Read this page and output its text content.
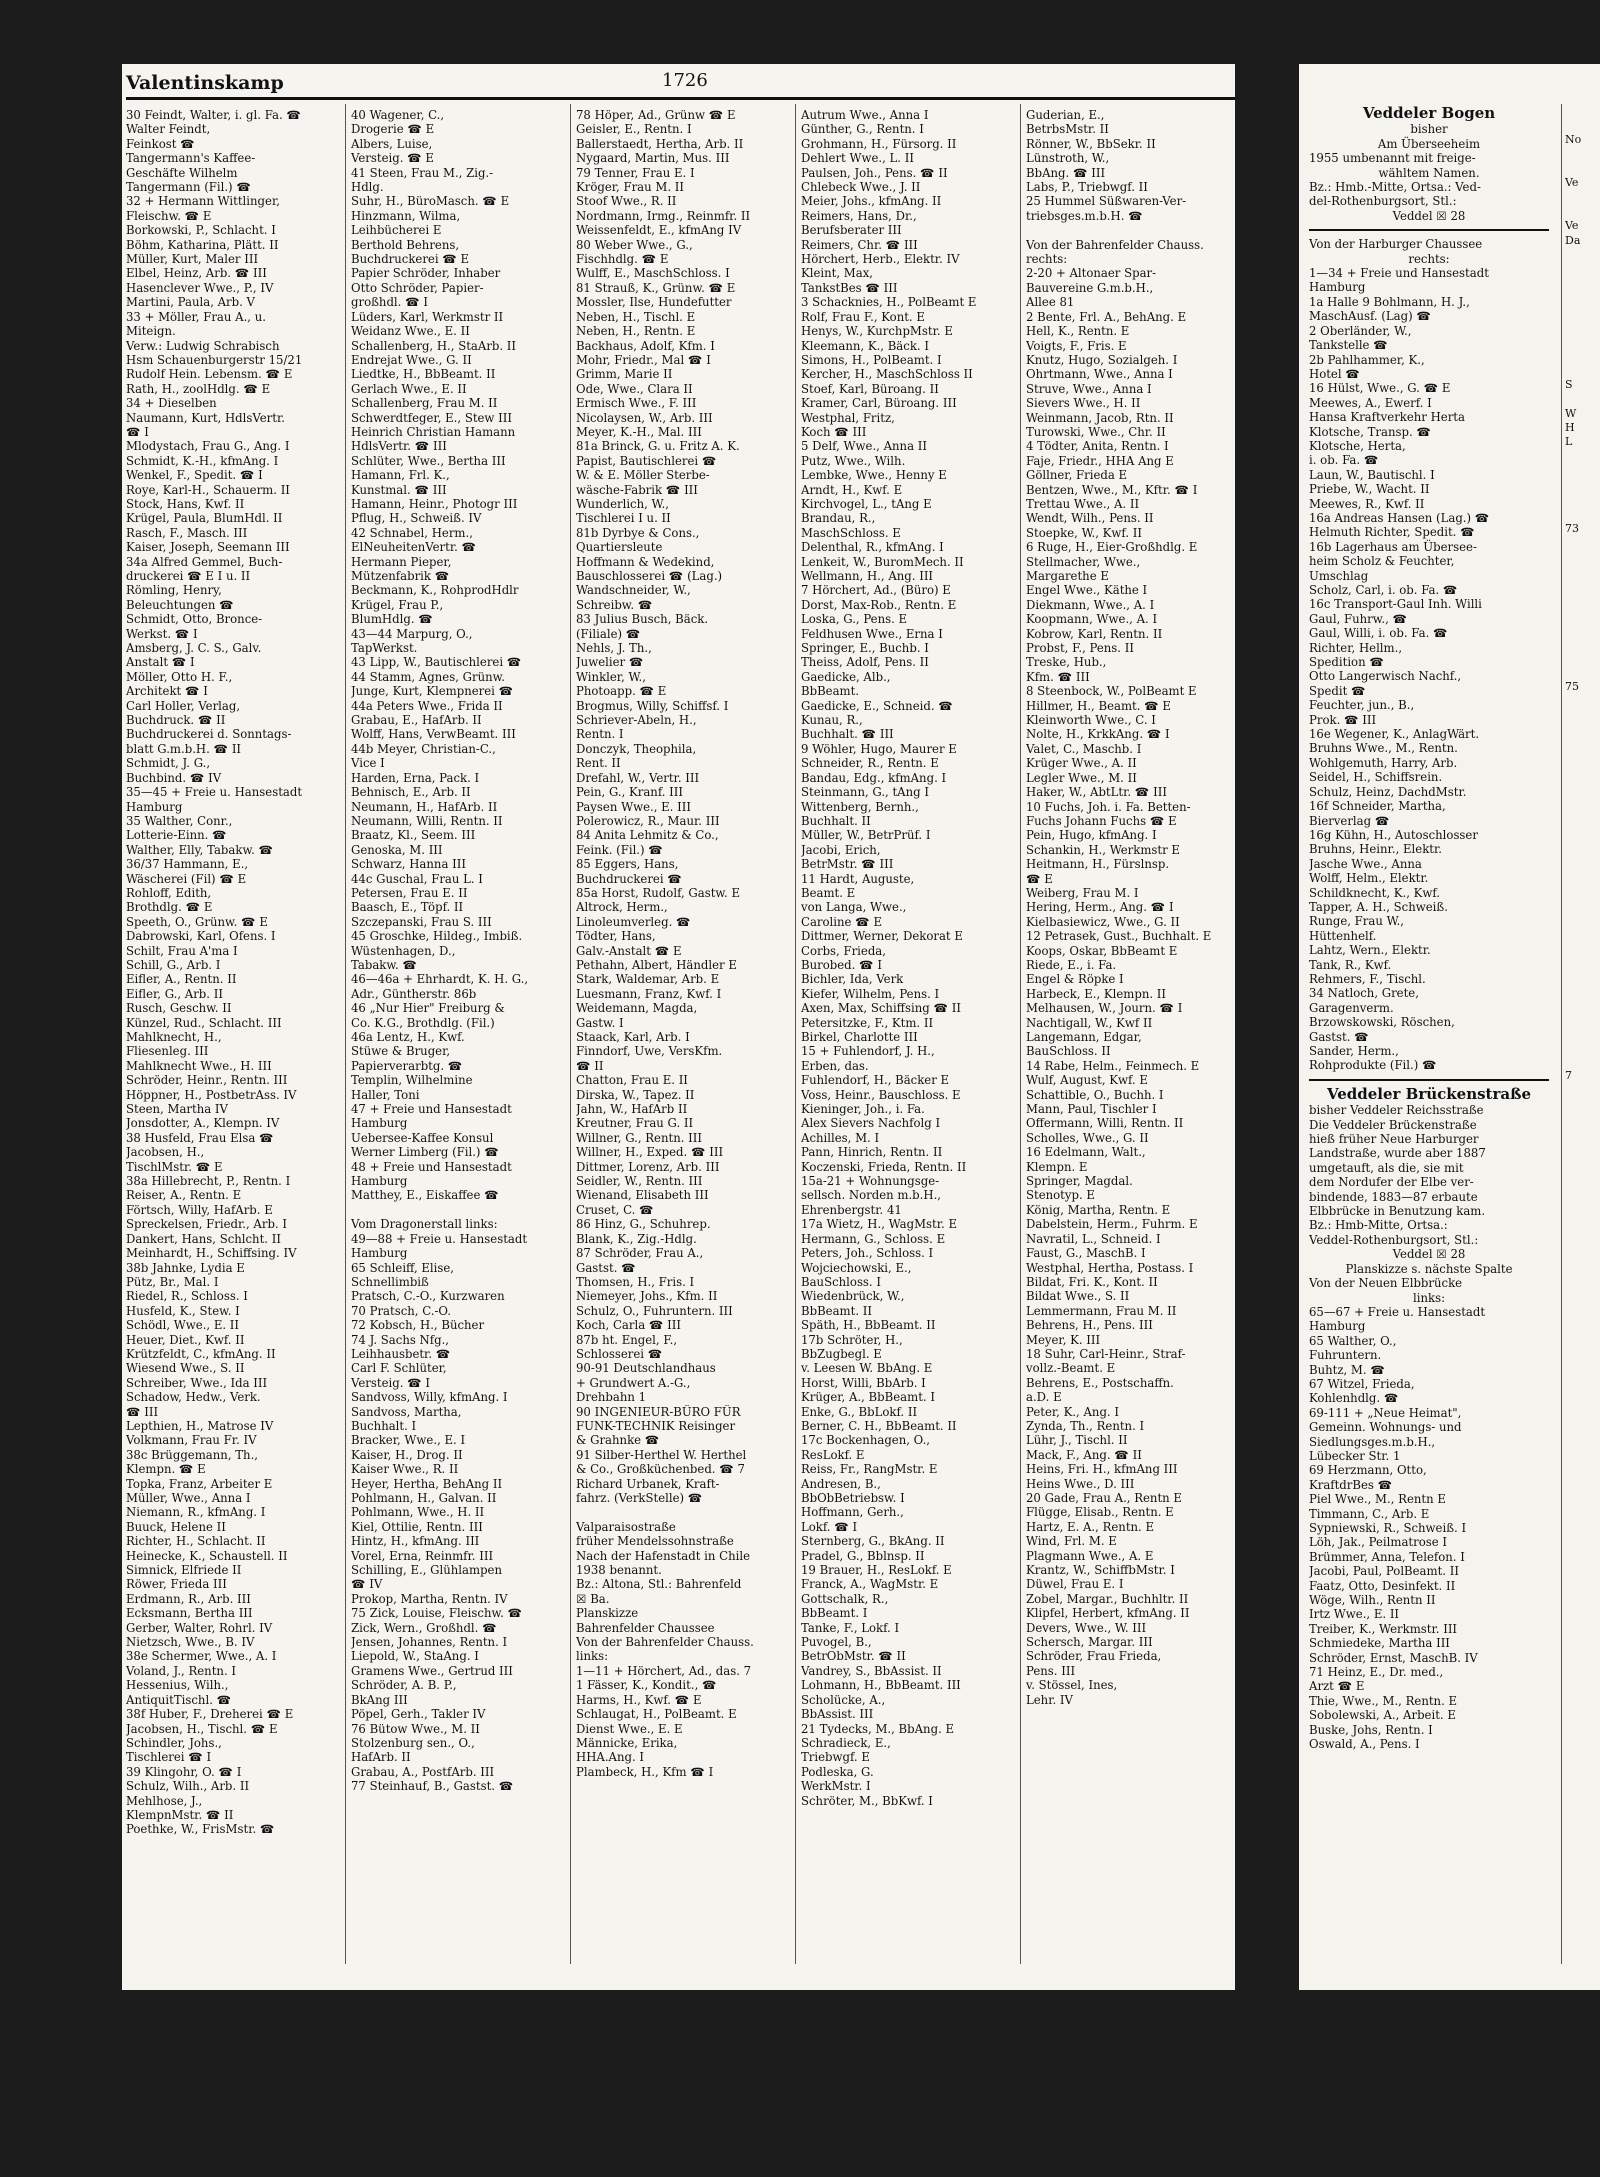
Valentinskamp	1726
30 Feindt, Walter, i. gl. Fa. ☎
Walter Feindt,
Feinkost ☎
Tangermann's Kaffee-
Geschäfte Wilhelm
Tangermann (Fil.) ☎
32 + Hermann Wittlinger,
Fleischw. ☎ E
Borkowski, P., Schlacht. I
Böhm, Katharina, Plätt. II
Müller, Kurt, Maler III
Elbel, Heinz, Arb. ☎ III
Hasenclever Wwe., P., IV
Martini, Paula, Arb. V
33 + Möller, Frau A., u.
Miteign.
Verw.: Ludwig Schrabisch
Hsm Schauenburgerstr 15/21
Rudolf Hein. Lebensm. ☎ E
Rath, H., zoolHdlg. ☎ E
34 + Dieselben
Naumann, Kurt, HdlsVertr.
☎ I
Mlodystach, Frau G., Ang. I
Schmidt, K.-H., kfmAng. I
Wenkel, F., Spedit. ☎ I
Roye, Karl-H., Schauerm. II
Stock, Hans, Kwf. II
Krügel, Paula, BlumHdl. II
Rasch, F., Masch. III
Kaiser, Joseph, Seemann III
34a Alfred Gemmel, Buch-
druckerei ☎ E I u. II
Römling, Henry,
Beleuchtungen ☎
Schmidt, Otto, Bronce-
Werkst. ☎ I
Amsberg, J. C. S., Galv.
Anstalt ☎ I
Möller, Otto H. F.,
Architekt ☎ I
Carl Holler, Verlag,
Buchdruck. ☎ II
Buchdruckerei d. Sonntags-
blatt G.m.b.H. ☎ II
Schmidt, J. G.,
Buchbind. ☎ IV
35—45 + Freie u. Hansestadt
Hamburg
35 Walther, Conr.,
Lotterie-Einn. ☎
Walther, Elly, Tabakw. ☎
36/37 Hammann, E.,
Wäscherei (Fil) ☎ E
Rohloff, Edith,
Brothdlg. ☎ E
Speeth, O., Grünw. ☎ E
Dabrowski, Karl, Ofens. I
Schilt, Frau A'ma I
Schill, G., Arb. I
Eifler, A., Rentn. II
Eifler, G., Arb. II
Rusch, Geschw. II
Künzel, Rud., Schlacht. III
Mahlknecht, H.,
Fliesenleg. III
Mahlknecht Wwe., H. III
Schröder, Heinr., Rentn. III
Höppner, H., PostbetrAss. IV
Steen, Martha IV
Jonsdotter, A., Klempn. IV
38 Husfeld, Frau Elsa ☎
Jacobsen, H.,
TischlMstr. ☎ E
38a Hillebrecht, P., Rentn. I
Reiser, A., Rentn. E
Förtsch, Willy, HafArb. E
Spreckelsen, Friedr., Arb. I
Dankert, Hans, Schlcht. II
Meinhardt, H., Schiffsing. IV
38b Jahnke, Lydia E
Pütz, Br., Mal. I
Riedel, R., Schloss. I
Husfeld, K., Stew. I
Schödl, Wwe., E. II
Heuer, Diet., Kwf. II
Krützfeldt, C., kfmAng. II
Wiesend Wwe., S. II
Schreiber, Wwe., Ida III
Schadow, Hedw., Verk.
☎ III
Lepthien, H., Matrose IV
Volkmann, Frau Fr. IV
38c Brüggemann, Th.,
Klempn. ☎ E
Topka, Franz, Arbeiter E
Müller, Wwe., Anna I
Niemann, R., kfmAng. I
Buuck, Helene II
Richter, H., Schlacht. II
Heinecke, K., Schaustell. II
Simnick, Elfriede II
Röwer, Frieda III
Erdmann, R., Arb. III
Ecksmann, Bertha III
Gerber, Walter, Rohrl. IV
Nietzsch, Wwe., B. IV
38e Schermer, Wwe., A. I
Voland, J., Rentn. I
Hessenius, Wilh.,
AntiquitTischl. ☎
38f Huber, F., Dreherei ☎ E
Jacobsen, H., Tischl. ☎ E
Schindler, Johs.,
Tischlerei ☎ I
39 Klingohr, O. ☎ I
Schulz, Wilh., Arb. II
Mehlhose, J.,
KlempnMstr. ☎ II
Poethke, W., FrisMstr. ☎
40 Wagener, C.,
Drogerie ☎ E
Albers, Luise,
Versteig. ☎ E
41 Steen, Frau M., Zig.-
Hdlg.
Suhr, H., BüroMasch. ☎ E
Hinzmann, Wilma,
Leihbücherei E
Berthold Behrens,
Buchdruckerei ☎ E
Papier Schröder, Inhaber
Otto Schröder, Papier-
großhdl. ☎ I
Lüders, Karl, Werkmstr II
Weidanz Wwe., E. II
Schallenberg, H., StaArb. II
Endrejat Wwe., G. II
Liedtke, H., BbBeamt. II
Gerlach Wwe., E. II
Schallenberg, Frau M. II
Schwerdtfeger, E., Stew III
Heinrich Christian Hamann
HdlsVertr. ☎ III
Schlüter, Wwe., Bertha III
Hamann, Frl. K.,
Kunstmal. ☎ III
Hamann, Heinr., Photogr III
Pflug, H., Schweiß. IV
42 Schnabel, Herm.,
ElNeuheitenVertr. ☎
Hermann Pieper,
Mützenfabrik ☎
Beckmann, K., RohprodHdlr
Krügel, Frau P.,
BlumHdlg. ☎
43—44 Marpurg, O.,
TapWerkst.
43 Lipp, W., Bautischlerei ☎
44 Stamm, Agnes, Grünw.
Junge, Kurt, Klempnerei ☎
44a Peters Wwe., Frida II
Grabau, E., HafArb. II
Wolff, Hans, VerwBeamt. III
44b Meyer, Christian-C.,
Vice I
Harden, Erna, Pack. I
Behnisch, E., Arb. II
Neumann, H., HafArb. II
Neumann, Willi, Rentn. II
Braatz, Kl., Seem. III
Genoska, M. III
Schwarz, Hanna III
44c Guschal, Frau L. I
Petersen, Frau E. II
Baasch, E., Töpf. II
Szczepanski, Frau S. III
45 Groschke, Hildeg., Imbiß.
Wüstenhagen, D.,
Tabakw. ☎
46—46a + Ehrhardt, K. H. G.,
Adr., Güntherstr. 86b
46 „Nur Hier" Freiburg &
Co. K.G., Brothdlg. (Fil.)
46a Lentz, H., Kwf.
Stüwe & Bruger,
Papierverarbtg. ☎
Templin, Wilhelmine
Haller, Toni
47 + Freie und Hansestadt
Hamburg
Uebersee-Kaffee Konsul
Werner Limberg (Fil.) ☎
48 + Freie und Hansestadt
Hamburg
Matthey, E., Eiskaffee ☎

Vom Dragonerstall links:
49—88 + Freie u. Hansestadt
Hamburg
65 Schleiff, Elise,
Schnellimbiß
Pratsch, C.-O., Kurzwaren
70 Pratsch, C.-O.
72 Kobsch, H., Bücher
74 J. Sachs Nfg.,
Leihhausbetr. ☎
Carl F. Schlüter,
Versteig. ☎ I
Sandvoss, Willy, kfmAng. I
Sandvoss, Martha,
Buchhalt. I
Bracker, Wwe., E. I
Kaiser, H., Drog. II
Kaiser Wwe., R. II
Heyer, Hertha, BehAng II
Pohlmann, H., Galvan. II
Pohlmann, Wwe., H. II
Kiel, Ottilie, Rentn. III
Hintz, H., kfmAng. III
Vorel, Erna, Reinmfr. III
Schilling, E., Glühlampen
☎ IV
Prokop, Martha, Rentn. IV
75 Zick, Louise, Fleischw. ☎
Zick, Wern., Großhdl. ☎
Jensen, Johannes, Rentn. I
Liepold, W., StaAng. I
Gramens Wwe., Gertrud III
Schröder, A. B. P.,
BkAng III
Pöpel, Gerh., Takler IV
76 Bütow Wwe., M. II
Stolzenburg sen., O.,
HafArb. II
Grabau, A., PostfArb. III
77 Steinhauf, B., Gastst. ☎
78 Höper, Ad., Grünw ☎ E
Geisler, E., Rentn. I
Ballerstaedt, Hertha, Arb. II
Nygaard, Martin, Mus. III
79 Tenner, Frau E. I
Kröger, Frau M. II
Stoof Wwe., R. II
Nordmann, Irmg., Reinmfr. II
Weissenfeldt, E., kfmAng IV
80 Weber Wwe., G.,
Fischhdlg. ☎ E
Wulff, E., MaschSchloss. I
81 Strauß, K., Grünw. ☎ E
Mossler, Ilse, Hundefutter
Neben, H., Tischl. E
Neben, H., Rentn. E
Backhaus, Adolf, Kfm. I
Mohr, Friedr., Mal ☎ I
Grimm, Marie II
Ode, Wwe., Clara II
Ermisch Wwe., F. III
Nicolaysen, W., Arb. III
Meyer, K.-H., Mal. III
81a Brinck, G. u. Fritz A. K.
Papist, Bautischlerei ☎
W. & E. Möller Sterbe-
wäsche-Fabrik ☎ III
Wunderlich, W.,
Tischlerei I u. II
81b Dyrbye & Cons.,
Quartiersleute
Hoffmann & Wedekind,
Bauschlosserei ☎ (Lag.)
Wandschneider, W.,
Schreibw. ☎
83 Julius Busch, Bäck.
(Filiale) ☎
Nehls, J. Th.,
Juwelier ☎
Winkler, W.,
Photoapp. ☎ E
Brogmus, Willy, Schiffsf. I
Schriever-Abeln, H.,
Rentn. I
Donczyk, Theophila,
Rent. II
Drefahl, W., Vertr. III
Pein, G., Kranf. III
Paysen Wwe., E. III
Polerowicz, R., Maur. III
84 Anita Lehmitz & Co.,
Feink. (Fil.) ☎
85 Eggers, Hans,
Buchdruckerei ☎
85a Horst, Rudolf, Gastw. E
Altrock, Herm.,
Linoleumverleg. ☎
Tödter, Hans,
Galv.-Anstalt ☎ E
Pethahn, Albert, Händler E
Stark, Waldemar, Arb. E
Luesmann, Franz, Kwf. I
Weidemann, Magda,
Gastw. I
Staack, Karl, Arb. I
Finndorf, Uwe, VersKfm.
☎ II
Chatton, Frau E. II
Dirska, W., Tapez. II
Jahn, W., HafArb II
Kreutner, Frau G. II
Willner, G., Rentn. III
Willner, H., Exped. ☎ III
Dittmer, Lorenz, Arb. III
Seidler, W., Rentn. III
Wienand, Elisabeth III
Cruset, C. ☎
86 Hinz, G., Schuhrep.
Blank, K., Zig.-Hdlg.
87 Schröder, Frau A.,
Gastst. ☎
Thomsen, H., Fris. I
Niemeyer, Johs., Kfm. II
Schulz, O., Fuhruntern. III
Koch, Carla ☎ III
87b ht. Engel, F.,
Schlosserei ☎
90-91 Deutschlandhaus
+ Grundwert A.-G.,
Drehbahn 1
90 INGENIEUR-BÜRO FÜR
FUNK-TECHNIK Reisinger
& Grahnke ☎
91 Silber-Herthel W. Herthel
& Co., Großküchenbed. ☎ 7
Richard Urbanek, Kraft-
fahrz. (VerkStelle) ☎

Valparaisostraße
früher Mendelssohnstraße
Nach der Hafenstadt in Chile
1938 benannt.
Bz.: Altona, Stl.: Bahrenfeld
☒ Ba.
Planskizze
Bahrenfelder Chaussee
Von der Bahrenfelder Chauss.
links:
1—11 + Hörchert, Ad., das. 7
1 Fässer, K., Kondit., ☎
Harms, H., Kwf. ☎ E
Schlaugat, H., PolBeamt. E
Dienst Wwe., E. E
Männicke, Erika,
HHA.Ang. I
Plambeck, H., Kfm ☎ I
Autrum Wwe., Anna I
Günther, G., Rentn. I
Grohmann, H., Fürsorg. II
Dehlert Wwe., L. II
Paulsen, Joh., Pens. ☎ II
Chlebeck Wwe., J. II
Meier, Johs., kfmAng. II
Reimers, Hans, Dr.,
Berufsberater III
Reimers, Chr. ☎ III
Hörchert, Herb., Elektr. IV
Kleint, Max,
TankstBes ☎ III
3 Schacknies, H., PolBeamt E
Rolf, Frau F., Kont. E
Henys, W., KurchpMstr. E
Kleemann, K., Bäck. I
Simons, H., PolBeamt. I
Kercher, H., MaschSchloss II
Stoef, Karl, Büroang. II
Kramer, Carl, Büroang. III
Westphal, Fritz,
Koch ☎ III
5 Delf, Wwe., Anna II
Putz, Wwe., Wilh.
Lembke, Wwe., Henny E
Arndt, H., Kwf. E
Kirchvogel, L., tAng E
Brandau, R.,
MaschSchloss. E
Delenthal, R., kfmAng. I
Lenkeit, W., BuromMech. II
Wellmann, H., Ang. III
7 Hörchert, Ad., (Büro) E
Dorst, Max-Rob., Rentn. E
Loska, G., Pens. E
Feldhusen Wwe., Erna I
Springer, E., Buchb. I
Theiss, Adolf, Pens. II
Gaedicke, Alb.,
BbBeamt.
Gaedicke, E., Schneid. ☎
Kunau, R.,
Buchhalt. ☎ III
9 Wöhler, Hugo, Maurer E
Schneider, R., Rentn. E
Bandau, Edg., kfmAng. I
Steinmann, G., tAng I
Wittenberg, Bernh.,
Buchhalt. II
Müller, W., BetrPrüf. I
Jacobi, Erich,
BetrMstr. ☎ III
11 Hardt, Auguste,
Beamt. E
von Langa, Wwe.,
Caroline ☎ E
Dittmer, Werner, Dekorat E
Corbs, Frieda,
Burobed. ☎ I
Bichler, Ida, Verk
Kiefer, Wilhelm, Pens. I
Axen, Max, Schiffsing ☎ II
Petersitzke, F., Ktm. II
Birkel, Charlotte III
15 + Fuhlendorf, J. H.,
Erben, das.
Fuhlendorf, H., Bäcker E
Voss, Heinr., Bauschloss. E
Kieninger, Joh., i. Fa.
Alex Sievers Nachfolg I
Achilles, M. I
Pann, Hinrich, Rentn. II
Koczenski, Frieda, Rentn. II
15a-21 + Wohnungsge-
sellsch. Norden m.b.H.,
Ehrenbergstr. 41
17a Wietz, H., WagMstr. E
Hermann, G., Schloss. E
Peters, Joh., Schloss. I
Wojciechowski, E.,
BauSchloss. I
Wiedenbrück, W.,
BbBeamt. II
Späth, H., BbBeamt. II
17b Schröter, H.,
BbZugbegl. E
v. Leesen W. BbAng. E
Horst, Willi, BbArb. I
Krüger, A., BbBeamt. I
Enke, G., BbLokf. II
Berner, C. H., BbBeamt. II
17c Bockenhagen, O.,
ResLokf. E
Reiss, Fr., RangMstr. E
Andresen, B.,
BbObBetriebsw. I
Hoffmann, Gerh.,
Lokf. ☎ I
Sternberg, G., BkAng. II
Pradel, G., Bblnsp. II
19 Brauer, H., ResLokf. E
Franck, A., WagMstr. E
Gottschalk, R.,
BbBeamt. I
Tanke, F., Lokf. I
Puvogel, B.,
BetrObMstr. ☎ II
Vandrey, S., BbAssist. II
Lohmann, H., BbBeamt. III
Scholücke, A.,
BbAssist. III
21 Tydecks, M., BbAng. E
Schradieck, E.,
Triebwgf. E
Podleska, G.
WerkMstr. I
Schröter, M., BbKwf. I
Guderian, E.,
BetrbsMstr. II
Rönner, W., BbSekr. II
Lünstroth, W.,
BbAng. ☎ III
Labs, P., Triebwgf. II
25 Hummel Süßwaren-Ver-
triebsges.m.b.H. ☎

Von der Bahrenfelder Chauss.
rechts:
2-20 + Altonaer Spar-
Bauvereine G.m.b.H.,
Allee 81
2 Bente, Frl. A., BehAng. E
Hell, K., Rentn. E
Voigts, F., Fris. E
Knutz, Hugo, Sozialgeh. I
Ohrtmann, Wwe., Anna I
Struve, Wwe., Anna I
Sievers Wwe., H. II
Weinmann, Jacob, Rtn. II
Turowski, Wwe., Chr. II
4 Tödter, Anita, Rentn. I
Faje, Friedr., HHA Ang E
Göllner, Frieda E
Bentzen, Wwe., M., Kftr. ☎ I
Trettau Wwe., A. II
Wendt, Wilh., Pens. II
Stoepke, W., Kwf. II
6 Ruge, H., Eier-Großhdlg. E
Stellmacher, Wwe.,
Margarethe E
Engel Wwe., Käthe I
Diekmann, Wwe., A. I
Koopmann, Wwe., A. I
Kobrow, Karl, Rentn. II
Probst, F., Pens. II
Treske, Hub.,
Kfm. ☎ III
8 Steenbock, W., PolBeamt E
Hillmer, H., Beamt. ☎ E
Kleinworth Wwe., C. I
Nolte, H., KrkkAng. ☎ I
Valet, C., Maschb. I
Krüger Wwe., A. II
Legler Wwe., M. II
Haker, W., AbtLtr. ☎ III
10 Fuchs, Joh. i. Fa. Betten-
Fuchs Johann Fuchs ☎ E
Pein, Hugo, kfmAng. I
Schankin, H., Werkmstr E
Heitmann, H., Fürslnsp.
☎ E
Weiberg, Frau M. I
Hering, Herm., Ang. ☎ I
Kielbasiewicz, Wwe., G. II
12 Petrasek, Gust., Buchhalt. E
Koops, Oskar, BbBeamt E
Riede, E., i. Fa.
Engel & Röpke I
Harbeck, E., Klempn. II
Melhausen, W., Journ. ☎ I
Nachtigall, W., Kwf II
Langemann, Edgar,
BauSchloss. II
14 Rabe, Helm., Feinmech. E
Wulf, August, Kwf. E
Schattible, O., Buchh. I
Mann, Paul, Tischler I
Offermann, Willi, Rentn. II
Scholles, Wwe., G. II
16 Edelmann, Walt.,
Klempn. E
Springer, Magdal.
Stenotyp. E
König, Martha, Rentn. E
Dabelstein, Herm., Fuhrm. E
Navratil, L., Schneid. I
Faust, G., MaschB. I
Westphal, Hertha, Postass. I
Bildat, Fri. K., Kont. II
Bildat Wwe., S. II
Lemmermann, Frau M. II
Behrens, H., Pens. III
Meyer, K. III
18 Suhr, Carl-Heinr., Straf-
vollz.-Beamt. E
Behrens, E., Postschaffn.
a.D. E
Peter, K., Ang. I
Zynda, Th., Rentn. I
Lühr, J., Tischl. II
Mack, F., Ang. ☎ II
Heins, Fri. H., kfmAng III
Heins Wwe., D. III
20 Gade, Frau A., Rentn E
Flügge, Elisab., Rentn. E
Hartz, E. A., Rentn. E
Wind, Frl. M. E
Plagmann Wwe., A. E
Krantz, W., SchiffbMstr. I
Düwel, Frau E. I
Zobel, Margar., Buchhltr. II
Klipfel, Herbert, kfmAng. II
Devers, Wwe., W. III
Schersch, Margar. III
Schröder, Frau Frieda,
Pens. III
v. Stössel, Ines,
Lehr. IV
Veddeler Bogen
bisher
Am Überseeheim
1955 umbenannt mit freige-
wähltem Namen.
Bz.: Hmb.-Mitte, Ortsa.: Ved-
del-Rothenburgsort, Stl.:
Veddel ☒ 28
Von der Harburger Chaussee
rechts:
1—34 + Freie und Hansestadt
Hamburg
1a Halle 9 Bohlmann, H. J.,
MaschAusf. (Lag) ☎
2 Oberländer, W.,
Tankstelle ☎
2b Pahlhammer, K.,
Hotel ☎
16 Hülst, Wwe., G. ☎ E
Meewes, A., Ewerf. I
Hansa Kraftverkehr Herta
Klotsche, Transp. ☎
Klotsche, Herta,
i. ob. Fa. ☎
Laun, W., Bautischl. I
Priebe, W., Wacht. II
Meewes, R., Kwf. II
16a Andreas Hansen (Lag.) ☎
Helmuth Richter, Spedit. ☎
16b Lagerhaus am Übersee-
heim Scholz & Feuchter,
Umschlag
Scholz, Carl, i. ob. Fa. ☎
16c Transport-Gaul Inh. Willi
Gaul, Fuhrw., ☎
Gaul, Willi, i. ob. Fa. ☎
Richter, Hellm.,
Spedition ☎
Otto Langerwisch Nachf.,
Spedit ☎
Feuchter, jun., B.,
Prok. ☎ III
16e Wegener, K., AnlagWärt.
Bruhns Wwe., M., Rentn.
Wohlgemuth, Harry, Arb.
Seidel, H., Schiffsrein.
Schulz, Heinz, DachdMstr.
16f Schneider, Martha,
Bierverlag ☎
16g Kühn, H., Autoschlosser
Bruhns, Heinr., Elektr.
Jasche Wwe., Anna
Wolff, Helm., Elektr.
Schildknecht, K., Kwf.
Tapper, A. H., Schweiß.
Runge, Frau W.,
Hüttenhelf.
Lahtz, Wern., Elektr.
Tank, R., Kwf.
Rehmers, F., Tischl.
34 Natloch, Grete,
Garagenverm.
Brzowskowski, Röschen,
Gastst. ☎
Sander, Herm.,
Rohprodukte (Fil.) ☎
Veddeler Brückenstraße
bisher Veddeler Reichsstraße
Die Veddeler Brückenstraße
hieß früher Neue Harburger
Landstraße, wurde aber 1887
umgetauft, als die, sie mit
dem Nordufer der Elbe ver-
bindende, 1883—87 erbaute
Elbbrücke in Benutzung kam.
Bz.: Hmb-Mitte, Ortsa.:
Veddel-Rothenburgsort, Stl.:
Veddel ☒ 28
Planskizze s. nächste Spalte
Von der Neuen Elbbrücke
links:
65—67 + Freie u. Hansestadt
Hamburg
65 Walther, O.,
Fuhruntern.
Buhtz, M. ☎
67 Witzel, Frieda,
Kohlenhdlg. ☎
69-111 + „Neue Heimat",
Gemeinn. Wohnungs- und
Siedlungsges.m.b.H.,
Lübecker Str. 1
69 Herzmann, Otto,
KraftdrBes ☎
Piel Wwe., M., Rentn E
Timmann, C., Arb. E
Sypniewski, R., Schweiß. I
Löh, Jak., Peilmatrose I
Brümmer, Anna, Telefon. I
Jacobi, Paul, PolBeamt. II
Faatz, Otto, Desinfekt. II
Wöge, Wilh., Rentn II
Irtz Wwe., E. II
Treiber, K., Werkmstr. III
Schmiedeke, Martha III
Schröder, Ernst, MaschB. IV
71 Heinz, E., Dr. med.,
Arzt ☎ E
Thie, Wwe., M., Rentn. E
Sobolewski, A., Arbeit. E
Buske, Johs, Rentn. I
Oswald, A., Pens. I

No

Ve

Ve
Da

S

W
H
L

73

75

7
